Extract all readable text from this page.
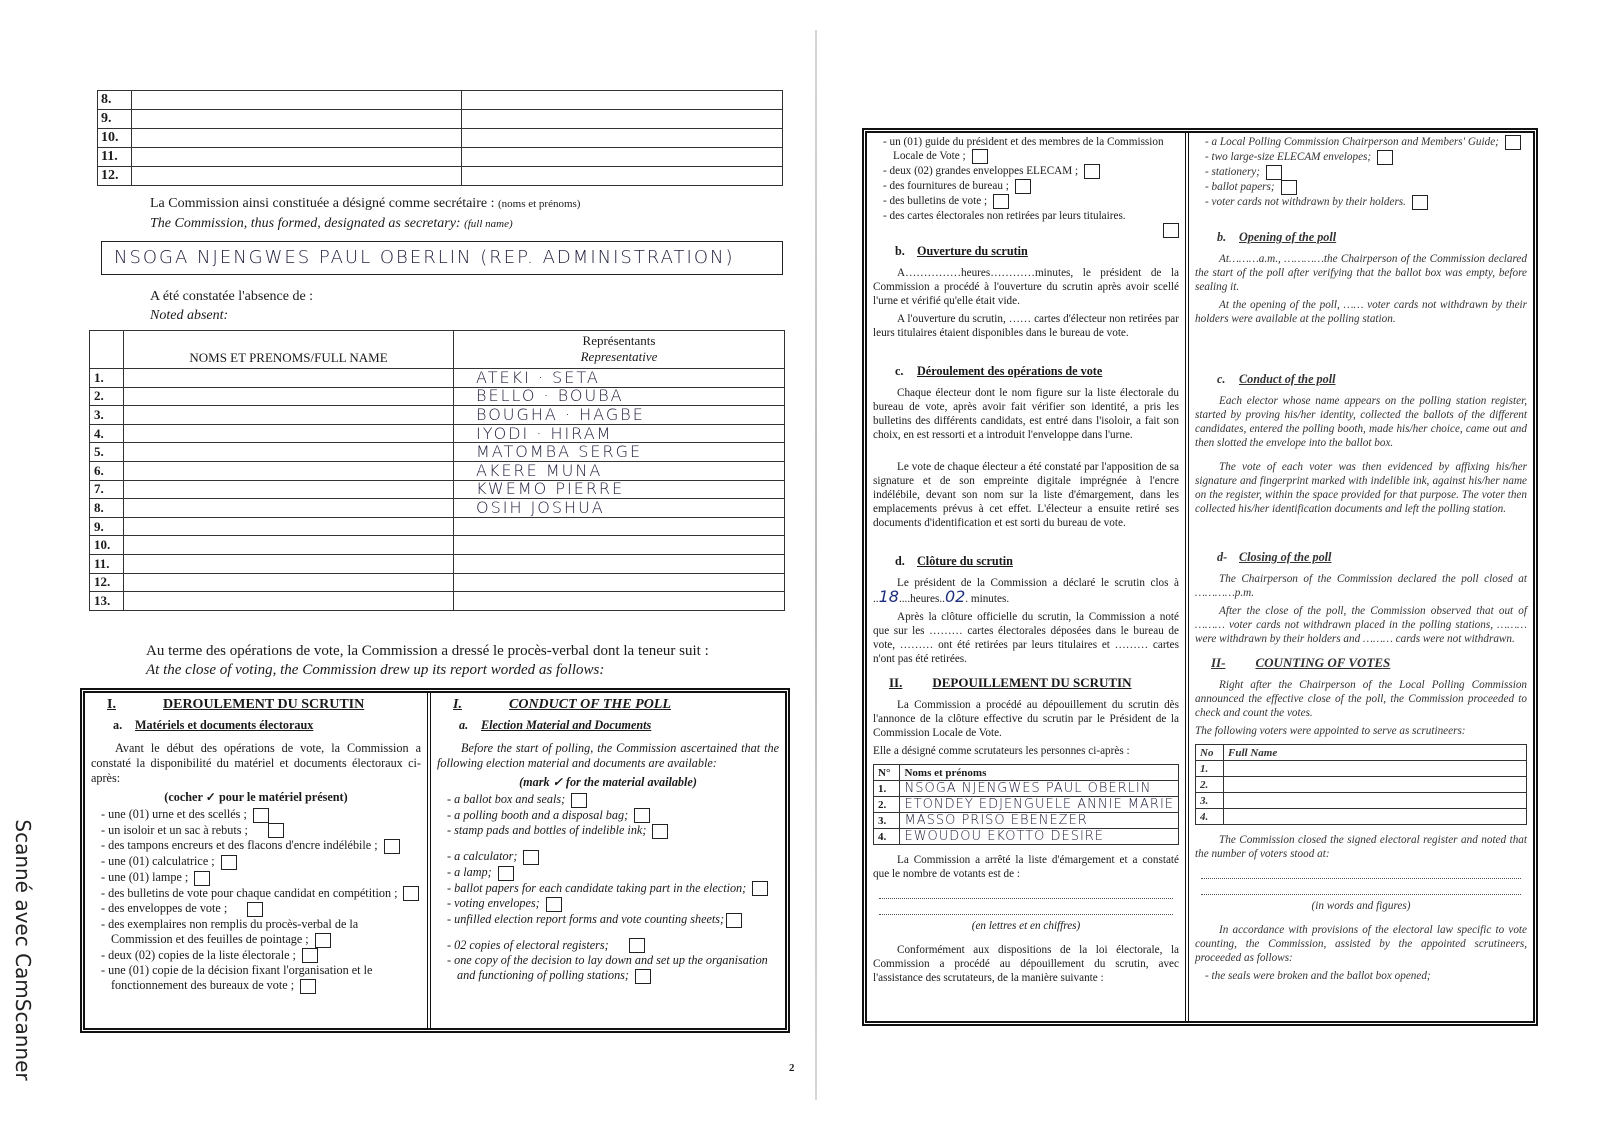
Scanné avec CamScanner	2
8.		
9.		
10.		
11.		
12.		
La Commission ainsi constituée a désigné comme secrétaire : (noms et prénoms)
The Commission, thus formed, designated as secretary: (full name)
NSOGA NJENGWES PAUL OBERLIN (REP. ADMINISTRATION)
A été constatée l'absence de :
Noted absent:
	NOMS ET PRENOMS/FULL NAME	Représentants
Representative

1.		ATEKI · SETA
2.		BELLO · BOUBA
3.		BOUGHA · HAGBE
4.		IYODI · HIRAM
5.		MATOMBA SERGE
6.		AKERE MUNA
7.		KWEMO PIERRE
8.		OSIH JOSHUA
9.		
10.		
11.		
12.		
13.		
Au terme des opérations de vote, la Commission a dressé le procès-verbal dont la teneur suit :
At the close of voting, the Commission drew up its report worded as follows:
I.	DEROULEMENT DU SCRUTIN
a. Matériels et documents électoraux
Avant le début des opérations de vote, la Commission a constaté la disponibilité du matériel et documents électoraux ci-après:
(cocher ✓ pour le matériel présent)
- une (01) urne et des scellés ;
- un isoloir et un sac à rebuts ;
- des tampons encreurs et des flacons d'encre indélébile ;
- une (01) calculatrice ;
- une (01) lampe ;
- des bulletins de vote pour chaque candidat en compétition ;
- des enveloppes de vote ;
- des exemplaires non remplis du procès-verbal de la Commission et des feuilles de pointage ;
- deux (02) copies de la liste électorale ;
- une (01) copie de la décision fixant l'organisation et le fonctionnement des bureaux de vote ;
I.	CONDUCT OF THE POLL
a. Election Material and Documents
Before the start of polling, the Commission ascertained that the following election material and documents are available:
(mark ✓ for the material available)
- a ballot box and seals;
- a polling booth and a disposal bag;
- stamp pads and bottles of indelible ink;
- a calculator;
- a lamp;
- ballot papers for each candidate taking part in the election;
- voting envelopes;
- unfilled election report forms and vote counting sheets;
- 02 copies of electoral registers;
- one copy of the decision to lay down and set up the organisation and functioning of polling stations;
- un (01) guide du président et des membres de la Commission Locale de Vote ;
- deux (02) grandes enveloppes ELECAM ;
- des fournitures de bureau ;
- des bulletins de vote ;
- des cartes électorales non retirées par leurs titulaires.
b. Ouverture du scrutin
A……………heures…………minutes, le président de la Commission a procédé à l'ouverture du scrutin après avoir scellé l'urne et vérifié qu'elle était vide.
A l'ouverture du scrutin, …… cartes d'électeur non retirées par leurs titulaires étaient disponibles dans le bureau de vote.
c. Déroulement des opérations de vote
Chaque électeur dont le nom figure sur la liste électorale du bureau de vote, après avoir fait vérifier son identité, a pris les bulletins des différents candidats, est entré dans l'isoloir, a fait son choix, en est ressorti et a introduit l'enveloppe dans l'urne.
Le vote de chaque électeur a été constaté par l'apposition de sa signature et de son empreinte digitale imprégnée à l'encre indélébile, devant son nom sur la liste d'émargement, dans les emplacements prévus à cet effet. L'électeur a ensuite retiré ses documents d'identification et est sorti du bureau de vote.
d. Clôture du scrutin
Le président de la Commission a déclaré le scrutin clos à ..18....heures..02. minutes.
Après la clôture officielle du scrutin, la Commission a noté que sur les ……… cartes électorales déposées dans le bureau de vote, ……… ont été retirées par leurs titulaires et ……… cartes n'ont pas été retirées.
II. DEPOUILLEMENT DU SCRUTIN
La Commission a procédé au dépouillement du scrutin dès l'annonce de la clôture effective du scrutin par le Président de la Commission Locale de Vote.
Elle a désigné comme scrutateurs les personnes ci-après :
N°	Noms et prénoms
1.	NSOGA NJENGWES PAUL OBERLIN
2.	ETONDEY EDJENGUELE ANNIE MARIE
3.	MASSO PRISO EBENEZER
4.	EWOUDOU EKOTTO DÉSIRÉ
La Commission a arrêté la liste d'émargement et a constaté que le nombre de votants est de :
(en lettres et en chiffres)
Conformément aux dispositions de la loi électorale, la Commission a procédé au dépouillement du scrutin, avec l'assistance des scrutateurs, de la manière suivante :
- a Local Polling Commission Chairperson and Members' Guide;
- two large-size ELECAM envelopes;
- stationery;
- ballot papers;
- voter cards not withdrawn by their holders.
b. Opening of the poll
At………a.m., …………the Chairperson of the Commission declared the start of the poll after verifying that the ballot box was empty, before sealing it.
At the opening of the poll, …… voter cards not withdrawn by their holders were available at the polling station.
c. Conduct of the poll
Each elector whose name appears on the polling station register, started by proving his/her identity, collected the ballots of the different candidates, entered the polling booth, made his/her choice, came out and then slotted the envelope into the ballot box.
The vote of each voter was then evidenced by affixing his/her signature and fingerprint marked with indelible ink, against his/her name on the register, within the space provided for that purpose. The voter then collected his/her identification documents and left the polling station.
d- Closing of the poll
The Chairperson of the Commission declared the poll closed at …………p.m.
After the close of the poll, the Commission observed that out of ……… voter cards not withdrawn placed in the polling stations, ……… were withdrawn by their holders and ……… cards were not withdrawn.
II- COUNTING OF VOTES
Right after the Chairperson of the Local Polling Commission announced the effective close of the poll, the Commission proceeded to check and count the votes.
The following voters were appointed to serve as scrutineers:
No	Full Name
1.	
2.	
3.	
4.	
The Commission closed the signed electoral register and noted that the number of voters stood at:
(in words and figures)
In accordance with provisions of the electoral law specific to vote counting, the Commission, assisted by the appointed scrutineers, proceeded as follows:
- the seals were broken and the ballot box opened;
